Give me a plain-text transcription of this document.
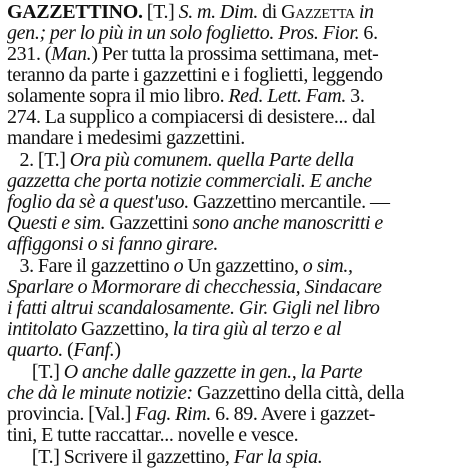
GAZZETTINO. [T.] S. m. Dim. di Gazzetta in
gen.; per lo più in un solo foglietto. Pros. Fior. 6.
231. (Man.) Per tutta la prossima settimana, met-
teranno da parte i gazzettini e i foglietti, leggendo
solamente sopra il mio libro. Red. Lett. Fam. 3.
274. La supplico a compiacersi di desistere... dal
mandare i medesimi gazzettini.
2. [T.] Ora più comunem. quella Parte della
gazzetta che porta notizie commerciali. E anche
foglio da sè a quest'uso. Gazzettino mercantile. —
Questi e sim. Gazzettini sono anche manoscritti e
affiggonsi o si fanno girare.
3. Fare il gazzettino o Un gazzettino, o sim.,
Sparlare o Mormorare di checchessia, Sindacare
i fatti altrui scandalosamente. Gir. Gigli nel libro
intitolato Gazzettino, la tira giù al terzo e al
quarto. (Fanf.)
[T.] O anche dalle gazzette in gen., la Parte
che dà le minute notizie: Gazzettino della città, della
provincia. [Val.] Fag. Rim. 6. 89. Avere i gazzet-
tini, E tutte raccattar... novelle e vesce.
[T.] Scrivere il gazzettino, Far la spia.
